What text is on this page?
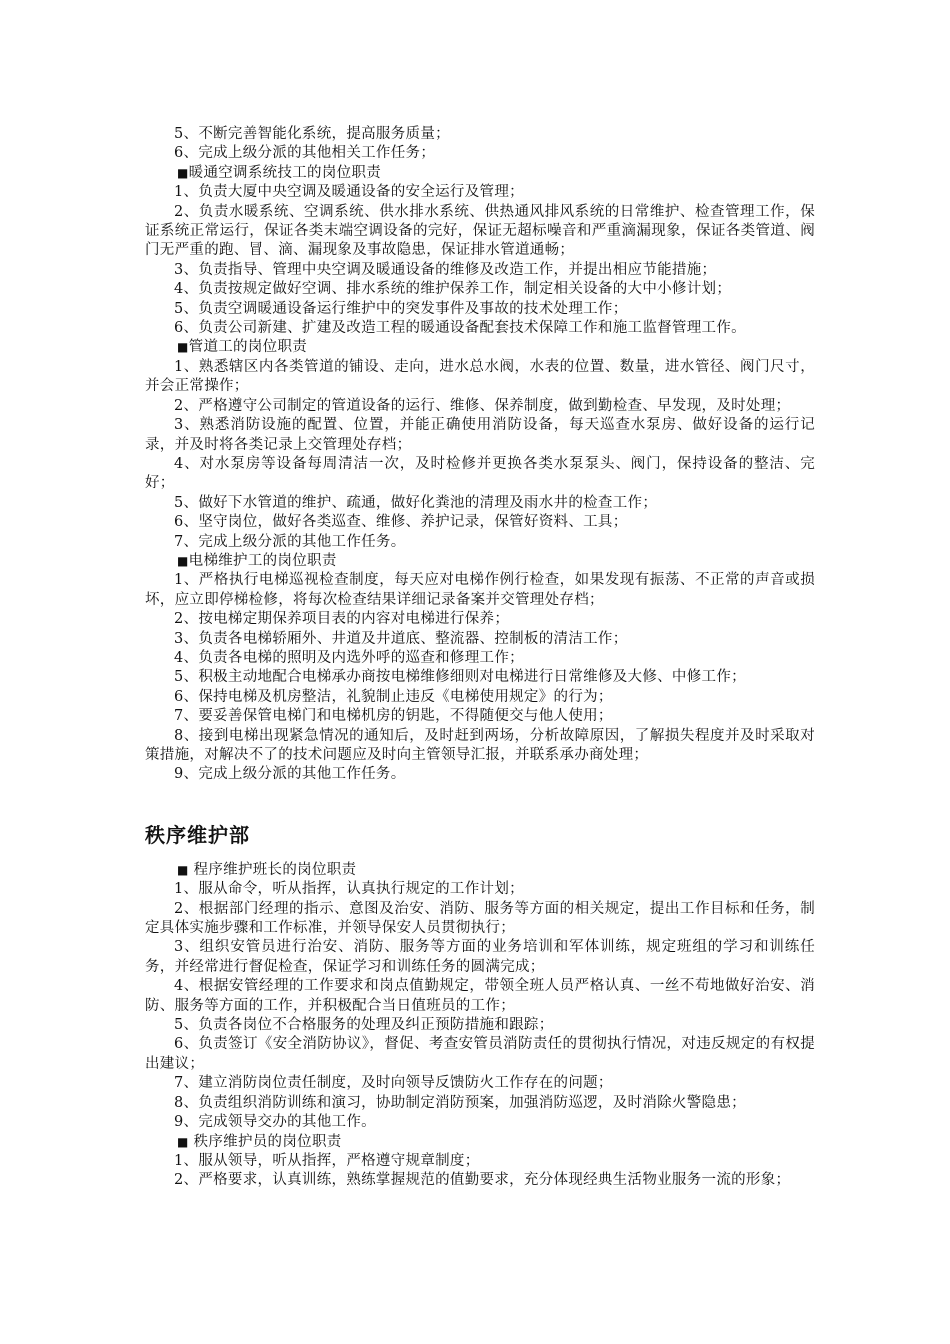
5、不断完善智能化系统，提高服务质量；

6、完成上级分派的其他相关工作任务；

■ 暖通空调系统技工的岗位职责

1、负责大厦中央空调及暖通设备的安全运行及管理；

2、负责水暖系统、空调系统、供水排水系统、供热通风排风系统的日常维护、检查管理工作，保证系统正常运行，保证各类末端空调设备的完好，保证无超标噪音和严重滴漏现象，保证各类管道、阀门无严重的跑、冒、滴、漏现象及事故隐患，保证排水管道通畅；

3、负责指导、管理中央空调及暖通设备的维修及改造工作，并提出相应节能措施；

4、负责按规定做好空调、排水系统的维护保养工作，制定相关设备的大中小修计划；

5、负责空调暖通设备运行维护中的突发事件及事故的技术处理工作；

6、负责公司新建、扩建及改造工程的暖通设备配套技术保障工作和施工监督管理工作。

■ 管道工的岗位职责

1、熟悉辖区内各类管道的铺设、走向，进水总水阀，水表的位置、数量，进水管径、阀门尺寸，并会正常操作；

2、严格遵守公司制定的管道设备的运行、维修、保养制度，做到勤检查、早发现，及时处理；

3、熟悉消防设施的配置、位置，并能正确使用消防设备，每天巡查水泵房、做好设备的运行记录，并及时将各类记录上交管理处存档；

4、对水泵房等设备每周清洁一次，及时检修并更换各类水泵泵头、阀门，保持设备的整洁、完好；

5、做好下水管道的维护、疏通，做好化粪池的清理及雨水井的检查工作；

6、坚守岗位，做好各类巡查、维修、养护记录，保管好资料、工具；

7、完成上级分派的其他工作任务。

■ 电梯维护工的岗位职责

1、严格执行电梯巡视检查制度，每天应对电梯作例行检查，如果发现有振荡、不正常的声音或损坏，应立即停梯检修，将每次检查结果详细记录备案并交管理处存档；

2、按电梯定期保养项目表的内容对电梯进行保养；

3、负责各电梯轿厢外、井道及井道底、整流器、控制板的清洁工作；

4、负责各电梯的照明及内选外呼的巡查和修理工作；

5、积极主动地配合电梯承办商按电梯维修细则对电梯进行日常维修及大修、中修工作；

6、保持电梯及机房整洁，礼貌制止违反《电梯使用规定》的行为；

7、要妥善保管电梯门和电梯机房的钥匙，不得随便交与他人使用；

8、接到电梯出现紧急情况的通知后，及时赶到两场，分析故障原因，了解损失程度并及时采取对策措施，对解决不了的技术问题应及时向主管领导汇报，并联系承办商处理；

9、完成上级分派的其他工作任务。

秩序维护部

■ 程序维护班长的岗位职责

1、服从命令，听从指挥，认真执行规定的工作计划；

2、根据部门经理的指示、意图及治安、消防、服务等方面的相关规定，提出工作目标和任务，制定具体实施步骤和工作标准，并领导保安人员贯彻执行；

3、组织安管员进行治安、消防、服务等方面的业务培训和军体训练，规定班组的学习和训练任务，并经常进行督促检查，保证学习和训练任务的圆满完成；

4、根据安管经理的工作要求和岗点值勤规定，带领全班人员严格认真、一丝不苟地做好治安、消防、服务等方面的工作，并积极配合当日值班员的工作；

5、负责各岗位不合格服务的处理及纠正预防措施和跟踪；

6、负责签订《安全消防协议》，督促、考查安管员消防责任的贯彻执行情况，对违反规定的有权提出建议；

7、建立消防岗位责任制度，及时向领导反馈防火工作存在的问题；

8、负责组织消防训练和演习，协助制定消防预案，加强消防巡逻，及时消除火警隐患；

9、完成领导交办的其他工作。

■ 秩序维护员的岗位职责

1、服从领导，听从指挥，严格遵守规章制度；

2、严格要求，认真训练，熟练掌握规范的值勤要求，充分体现经典生活物业服务一流的形象；
